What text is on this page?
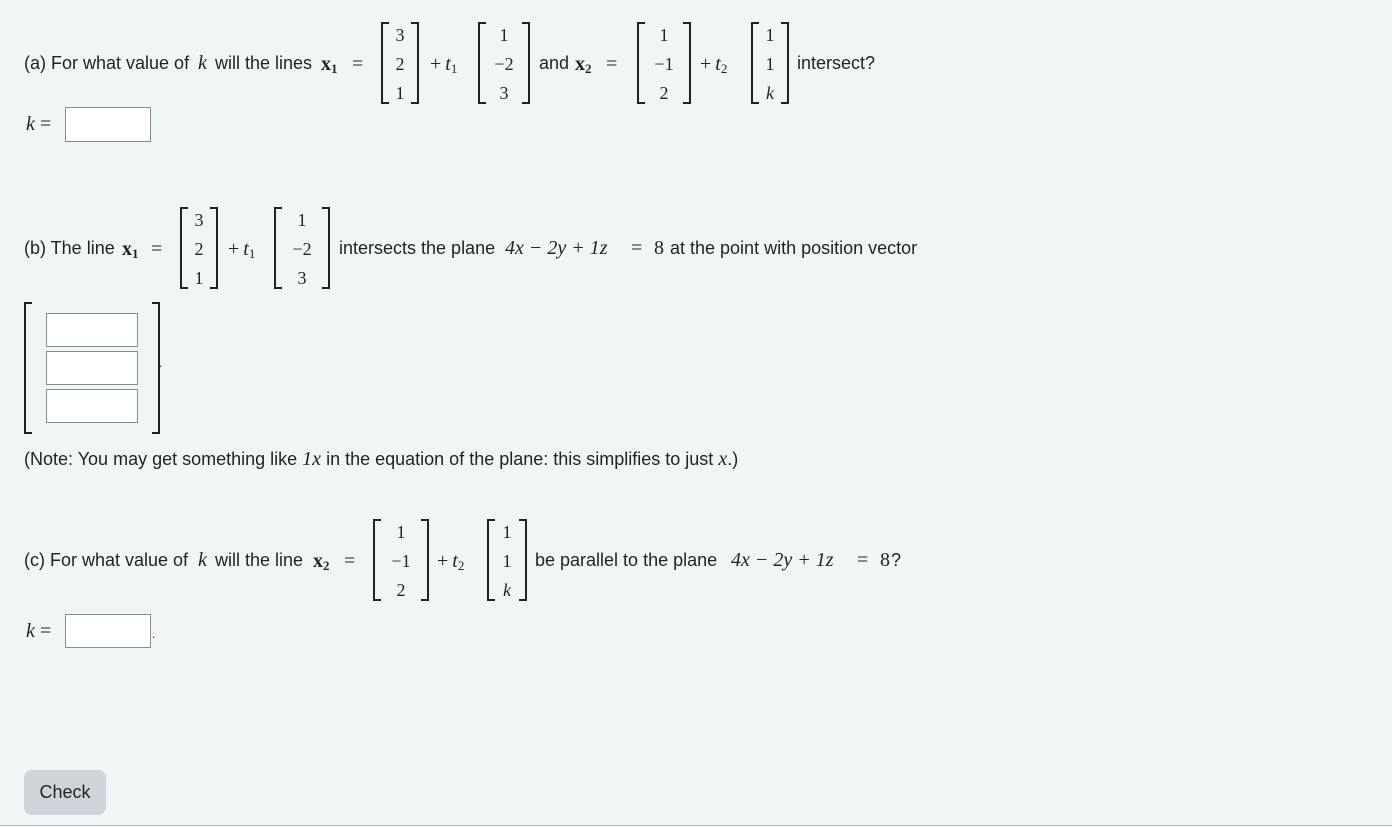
(a) For what value of k will the lines $x_1$ =
3
2
1
+  $t_1$
1
−2
3
and $x_2$ =
1
−1
2
+  $t_2$
1
1
k
intersect?
k =
(b) The line $x_1$ =
3
2
1
+  $t_1$
1
−2
3
intersects the plane 4x − 2y + 1z = 8 at the point with position vector
.
(Note: You may get something like 1x in the equation of the plane: this simplifies to just x.)
(c) For what value of k will the line $x_2$ =
1
−1
2
+  $t_2$
1
1
k
be parallel to the plane 4x − 2y + 1z = 8 ?
k =	.
Check
